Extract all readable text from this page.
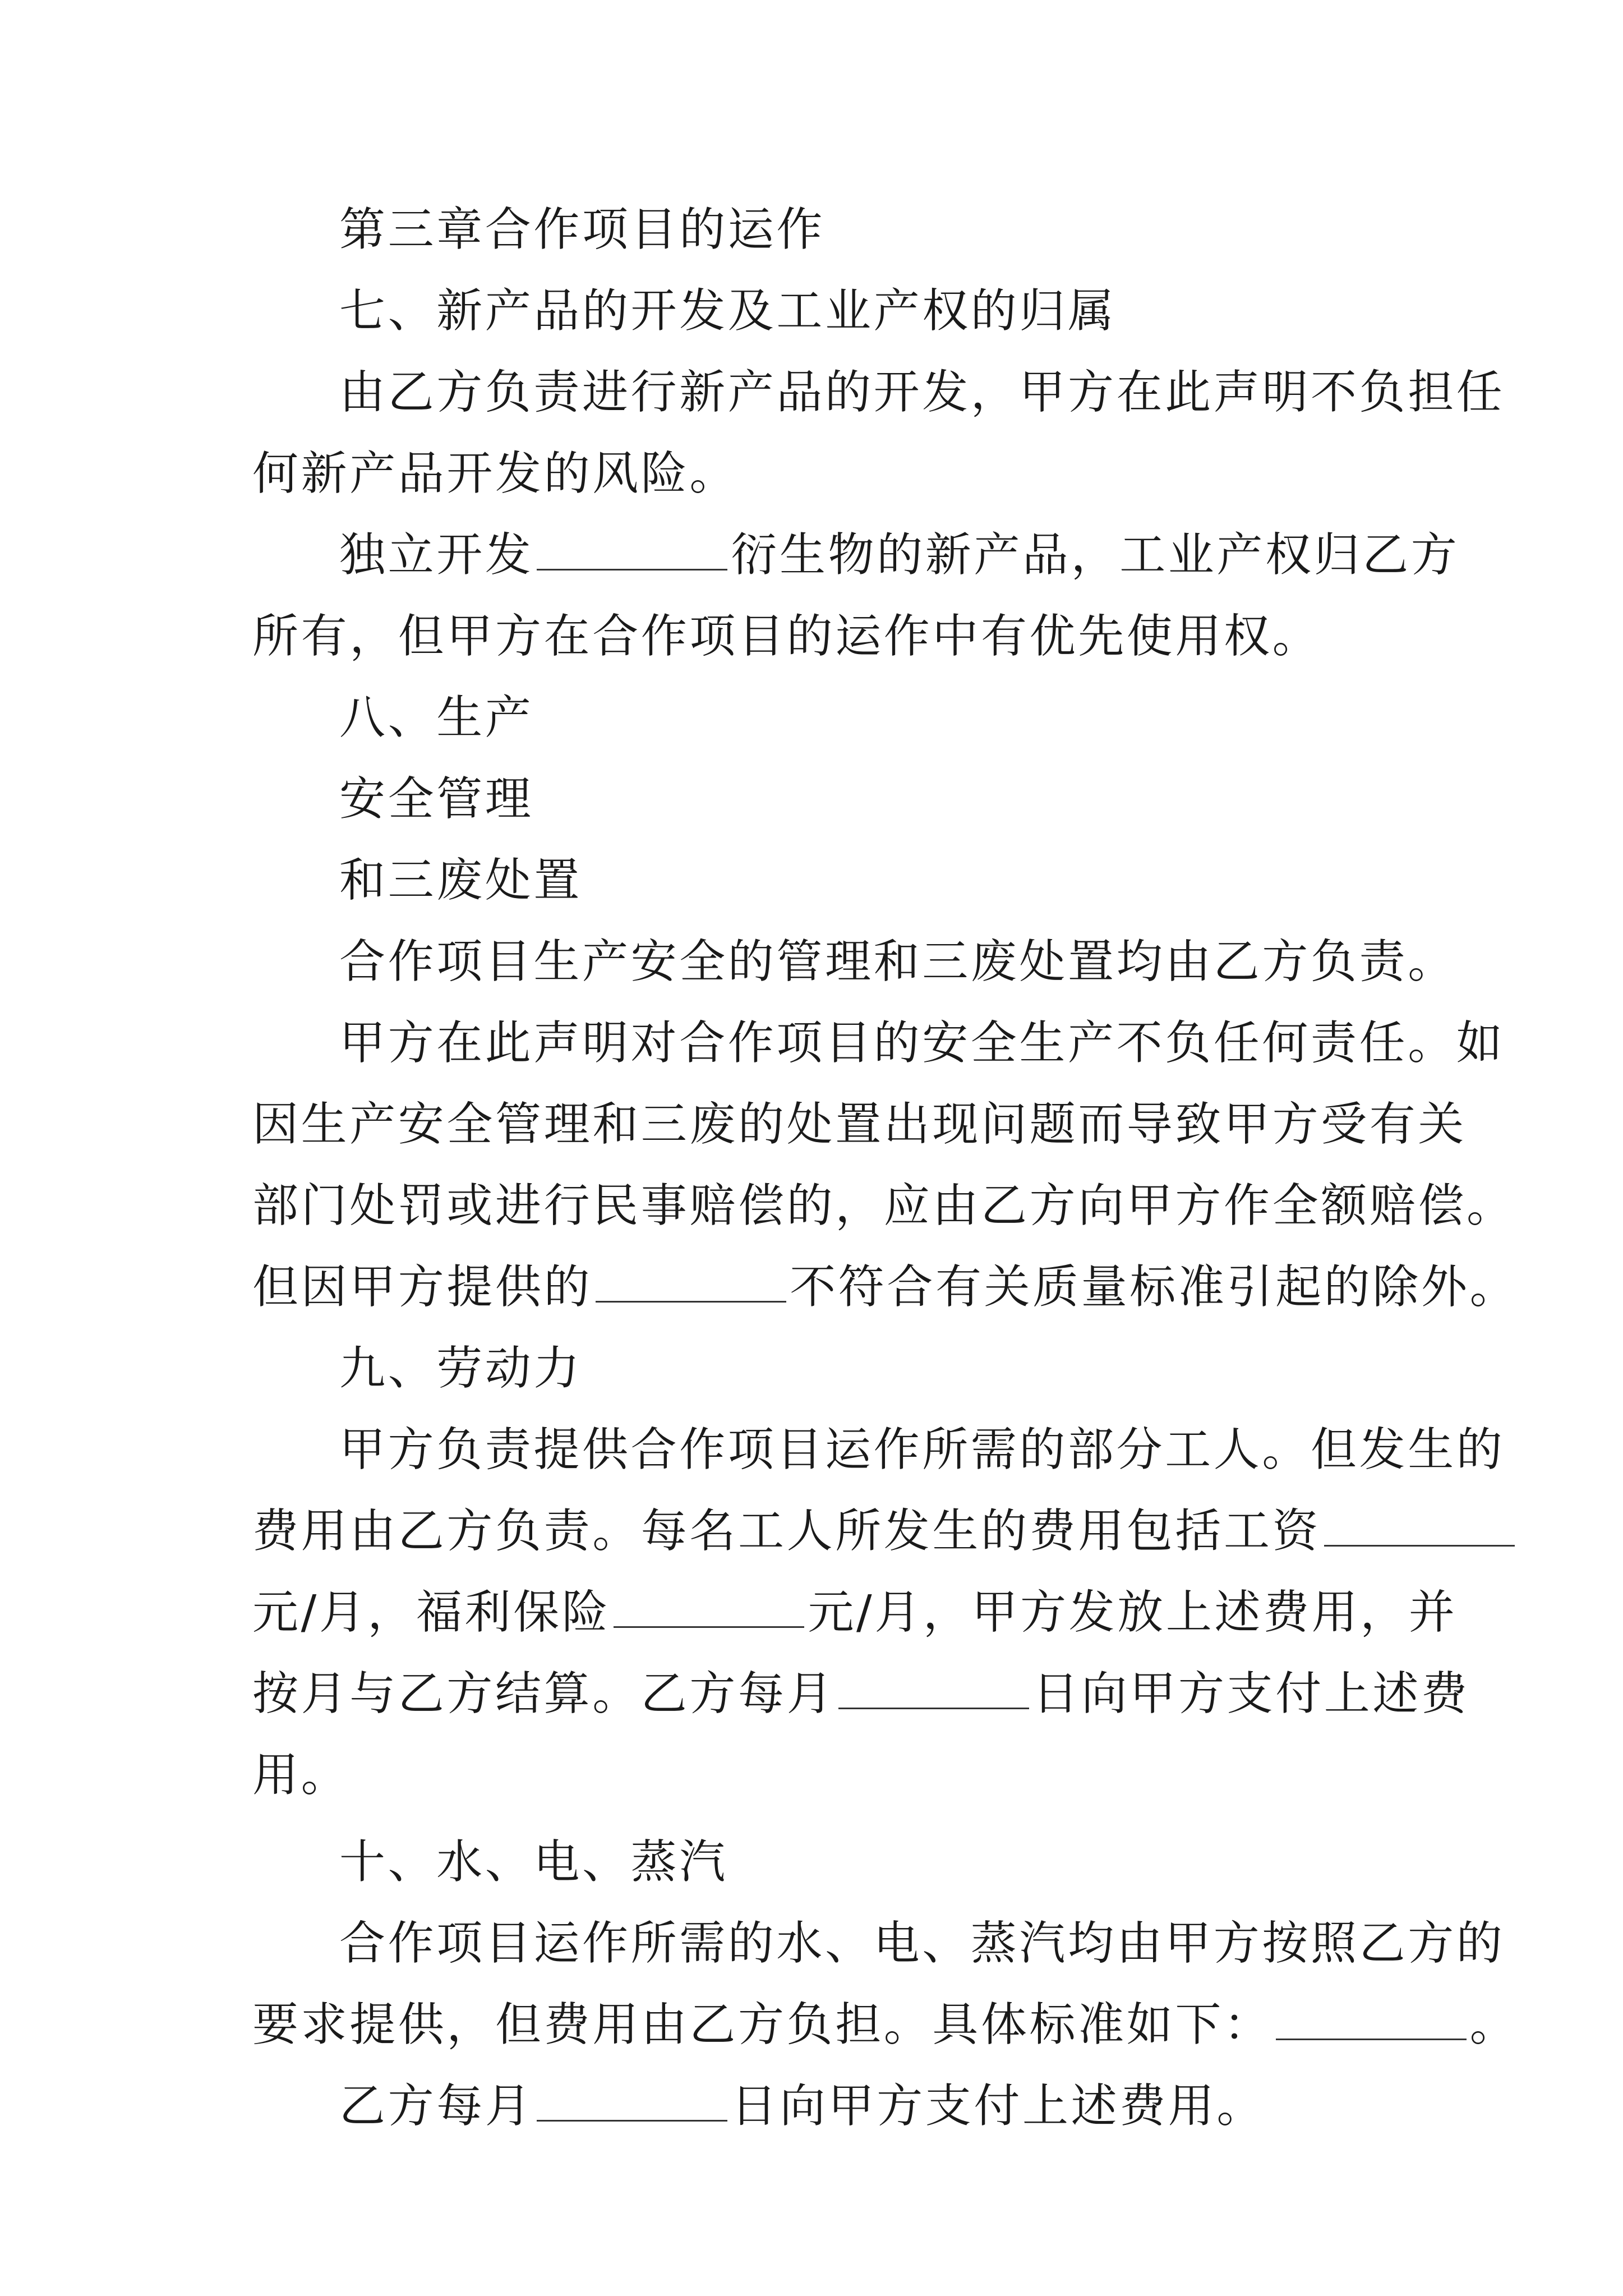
第三章合作项目的运作
七、新产品的开发及工业产权的归属
由乙方负责进行新产品的开发，甲方在此声明不负担任
何新产品开发的风险。
独立开发	衍生物的新产品，工业产权归乙方
所有，但甲方在合作项目的运作中有优先使用权。
八、生产
安全管理
和三废处置
合作项目生产安全的管理和三废处置均由乙方负责。
甲方在此声明对合作项目的安全生产不负任何责任。如
因生产安全管理和三废的处置出现问题而导致甲方受有关
部门处罚或进行民事赔偿的，应由乙方向甲方作全额赔偿。
但因甲方提供的	不符合有关质量标准引起的除外。
九、劳动力
甲方负责提供合作项目运作所需的部分工人。但发生的
费用由乙方负责。每名工人所发生的费用包括工资
元/月，福利保险	元/月，甲方发放上述费用，并
按月与乙方结算。乙方每月	日向甲方支付上述费
用。
十、水、电、蒸汽
合作项目运作所需的水、电、蒸汽均由甲方按照乙方的
要求提供，但费用由乙方负担。具体标准如下：	。
乙方每月	日向甲方支付上述费用。
